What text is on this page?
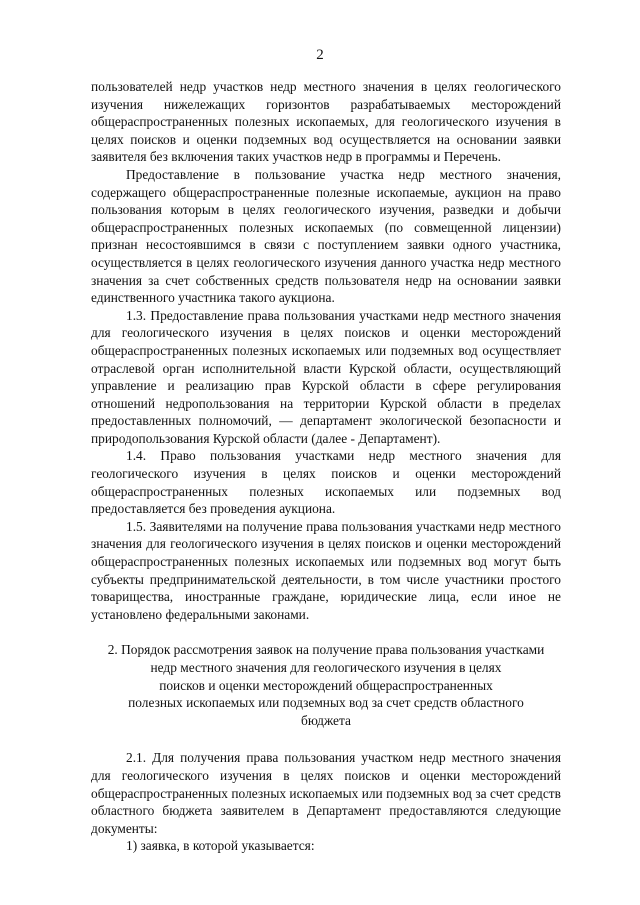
2

пользователей недр участков недр местного значения в целях геологического изучения нижележащих горизонтов разрабатываемых месторождений общераспространенных полезных ископаемых, для геологического изучения в целях поисков и оценки подземных вод осуществляется на основании заявки заявителя без включения таких участков недр в программы и Перечень.

Предоставление в пользование участка недр местного значения, содержащего общераспространенные полезные ископаемые, аукцион на право пользования которым в целях геологического изучения, разведки и добычи общераспространенных полезных ископаемых (по совмещенной лицензии) признан несостоявшимся в связи с поступлением заявки одного участника, осуществляется в целях геологического изучения данного участка недр местного значения за счет собственных средств пользователя недр на основании заявки единственного участника такого аукциона.

1.3. Предоставление права пользования участками недр местного значения для геологического изучения в целях поисков и оценки месторождений общераспространенных полезных ископаемых или подземных вод осуществляет отраслевой орган исполнительной власти Курской области, осуществляющий управление и реализацию прав Курской области в сфере регулирования отношений недропользования на территории Курской области в пределах предоставленных полномочий, — департамент экологической безопасности и природопользования Курской области (далее - Департамент).

1.4. Право пользования участками недр местного значения для геологического изучения в целях поисков и оценки месторождений общераспространенных полезных ископаемых или подземных вод предоставляется без проведения аукциона.

1.5. Заявителями на получение права пользования участками недр местного значения для геологического изучения в целях поисков и оценки месторождений общераспространенных полезных ископаемых или подземных вод могут быть субъекты предпринимательской деятельности, в том числе участники простого товарищества, иностранные граждане, юридические лица, если иное не установлено федеральными законами.

2. Порядок рассмотрения заявок на получение права пользования участками
недр местного значения для геологического изучения в целях
поисков и оценки месторождений общераспространенных
полезных ископаемых или подземных вод за счет средств областного
бюджета

2.1. Для получения права пользования участком недр местного значения для геологического изучения в целях поисков и оценки месторождений общераспространенных полезных ископаемых или подземных вод за счет средств областного бюджета заявителем в Департамент предоставляются следующие документы:

1) заявка, в которой указывается:
